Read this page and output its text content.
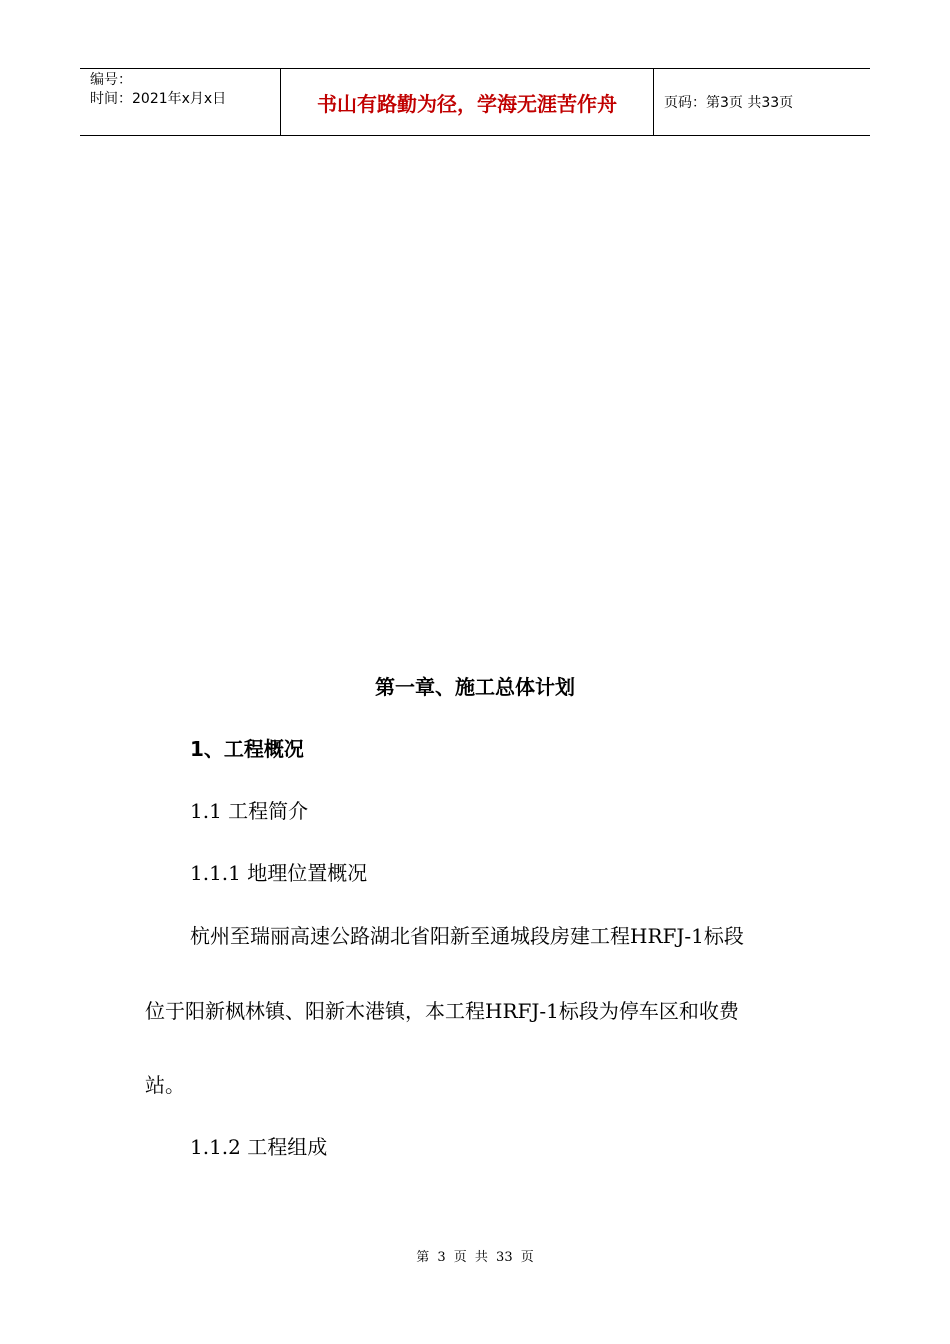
编号：
时间：2021年x月x日	书山有路勤为径，学海无涯苦作舟	页码：第3页 共33页
第一章、施工总体计划
1、工程概况
1.1 工程简介
1.1.1 地理位置概况
杭州至瑞丽高速公路湖北省阳新至通城段房建工程HRFJ-1标段
位于阳新枫林镇、阳新木港镇，本工程HRFJ-1标段为停车区和收费
站。
1.1.2 工程组成
第 3 页 共 33 页
